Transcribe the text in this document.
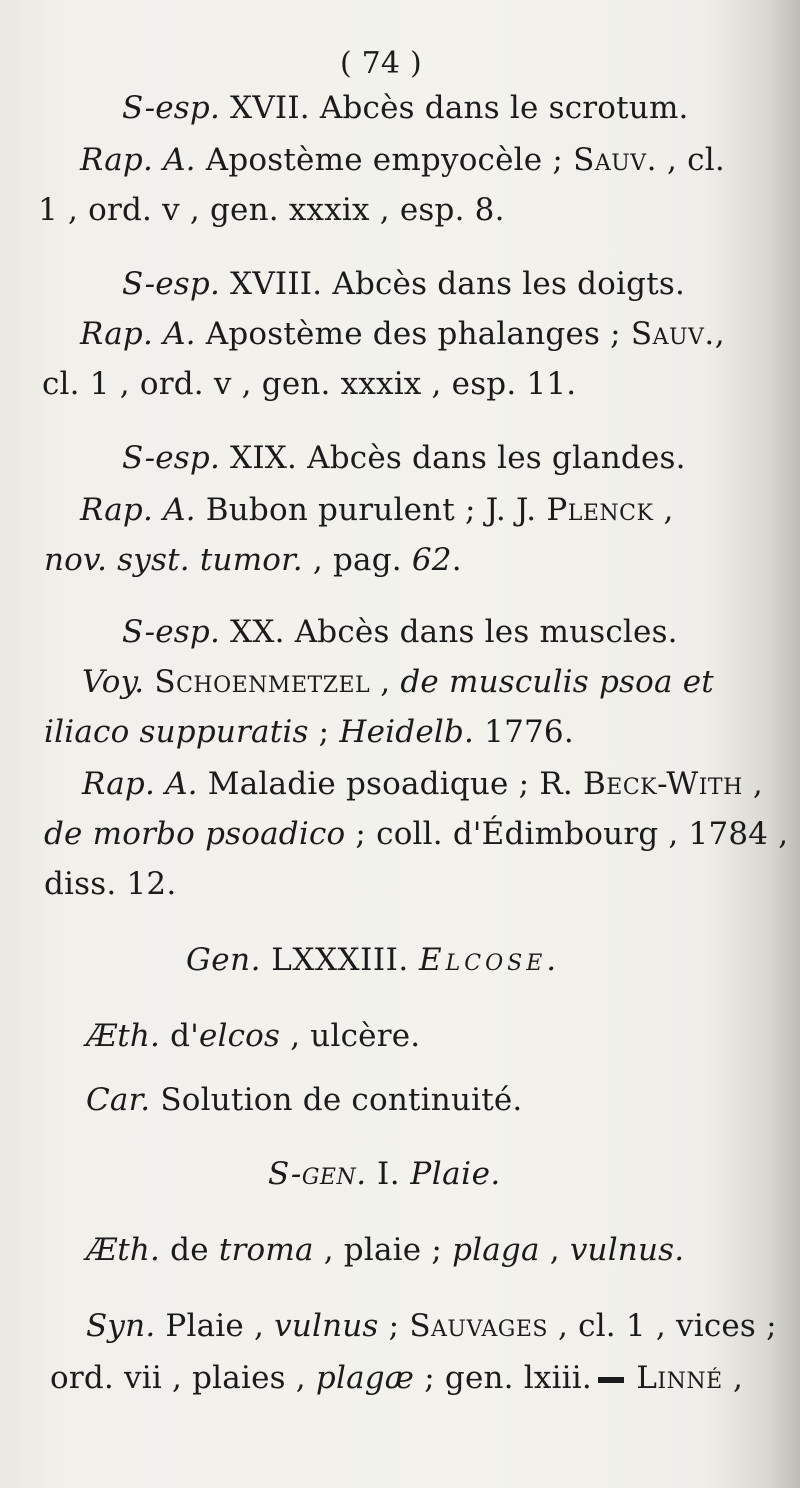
( 74 )
S-esp. XVII. Abcès dans le scrotum.
Rap. A. Apostème empyocèle ; Sauv. , cl.
1 , ord. v , gen. xxxix , esp. 8.
S-esp. XVIII. Abcès dans les doigts.
Rap. A. Apostème des phalanges ; Sauv.,
cl. 1 , ord. v , gen. xxxix , esp. 11.
S-esp. XIX. Abcès dans les glandes.
Rap. A. Bubon purulent ; J. J. Plenck ,
nov. syst. tumor. , pag. 62.
S-esp. XX. Abcès dans les muscles.
Voy. Schoenmetzel , de musculis psoa et
iliaco suppuratis ; Heidelb. 1776.
Rap. A. Maladie psoadique ; R. Beck-With ,
de morbo psoadico ; coll. d'Édimbourg , 1784 ,
diss. 12.
Gen. LXXXIII. Elcose.
Æth. d'elcos , ulcère.
Car. Solution de continuité.
S-gen. I. Plaie.
Æth. de troma , plaie ; plaga , vulnus.
Syn. Plaie , vulnus ; Sauvages , cl. 1 , vices ;
ord. vii , plaies , plagæ ; gen. lxiii. Linné ,
